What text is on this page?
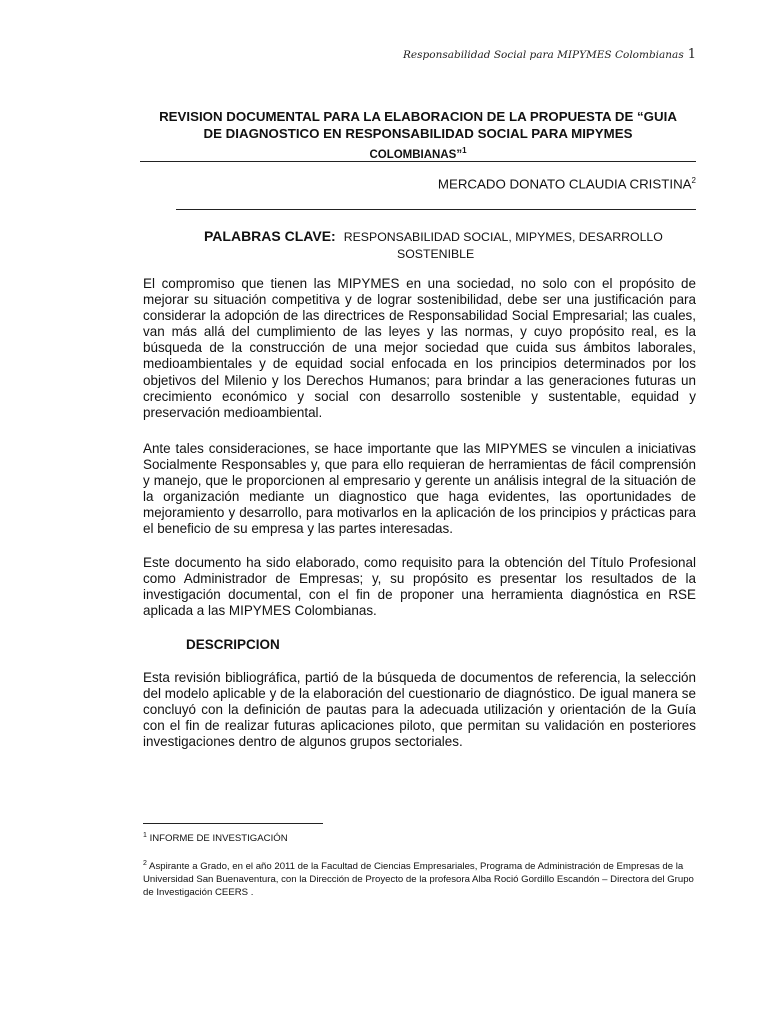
Responsabilidad Social para MIPYMES Colombianas 1
REVISION DOCUMENTAL PARA LA ELABORACION DE LA PROPUESTA DE “GUIA
DE DIAGNOSTICO EN RESPONSABILIDAD SOCIAL PARA MIPYMES
COLOMBIANAS”$^1$
MERCADO DONATO CLAUDIA CRISTINA$^2$
PALABRAS CLAVE: RESPONSABILIDAD SOCIAL, MIPYMES, DESARROLLO
SOSTENIBLE

El compromiso que tienen las MIPYMES en una sociedad, no solo con el propósito de mejorar su situación competitiva y de lograr sostenibilidad, debe ser una justificación para considerar la adopción de las directrices de Responsabilidad Social Empresarial; las cuales, van más allá del cumplimiento de las leyes y las normas, y cuyo propósito real, es la búsqueda de la construcción de una mejor sociedad que cuida sus ámbitos laborales, medioambientales y de equidad social enfocada en los principios determinados por los objetivos del Milenio y los Derechos Humanos; para brindar a las generaciones futuras un crecimiento económico y social con desarrollo sostenible y sustentable, equidad y preservación medioambiental.

Ante tales consideraciones, se hace importante que las MIPYMES se vinculen a iniciativas Socialmente Responsables y, que para ello requieran de herramientas de fácil comprensión y manejo, que le proporcionen al empresario y gerente un análisis integral de la situación de la organización mediante un diagnostico que haga evidentes, las oportunidades de mejoramiento y desarrollo, para motivarlos en la aplicación de los principios y prácticas para el beneficio de su empresa y las partes interesadas.

Este documento ha sido elaborado, como requisito para la obtención del Título Profesional como Administrador de Empresas; y, su propósito es presentar los resultados de la investigación documental, con el fin de proponer una herramienta diagnóstica en RSE aplicada a las MIPYMES Colombianas.

DESCRIPCION

Esta revisión bibliográfica, partió de la búsqueda de documentos de referencia, la selección del modelo aplicable y de la elaboración del cuestionario de diagnóstico. De igual manera se concluyó con la definición de pautas para la adecuada utilización y orientación de la Guía con el fin de realizar futuras aplicaciones piloto, que permitan su validación en posteriores investigaciones dentro de algunos grupos sectoriales.

$^1$ INFORME DE INVESTIGACIÓN

$^2$ Aspirante a Grado, en el año 2011 de la Facultad de Ciencias Empresariales, Programa de Administración de Empresas de la Universidad San Buenaventura, con la Dirección de Proyecto de la profesora Alba Roció Gordillo Escandón – Directora del Grupo de Investigación CEERS .
